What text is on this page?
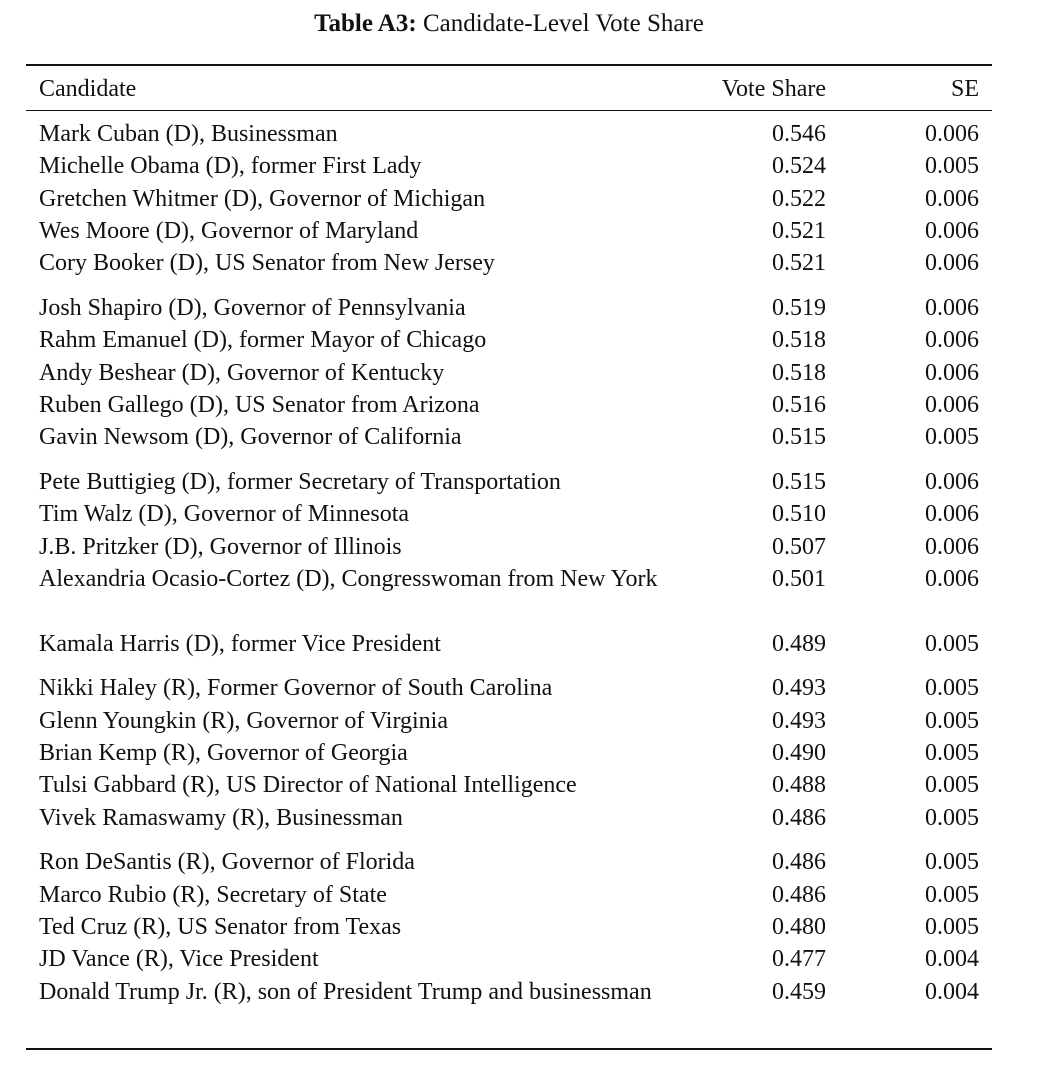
Table A3: Candidate-Level Vote Share
Candidate	Vote Share	SE
Mark Cuban (D), Businessman	0.546	0.006
Michelle Obama (D), former First Lady	0.524	0.005
Gretchen Whitmer (D), Governor of Michigan	0.522	0.006
Wes Moore (D), Governor of Maryland	0.521	0.006
Cory Booker (D), US Senator from New Jersey	0.521	0.006
Josh Shapiro (D), Governor of Pennsylvania	0.519	0.006
Rahm Emanuel (D), former Mayor of Chicago	0.518	0.006
Andy Beshear (D), Governor of Kentucky	0.518	0.006
Ruben Gallego (D), US Senator from Arizona	0.516	0.006
Gavin Newsom (D), Governor of California	0.515	0.005
Pete Buttigieg (D), former Secretary of Transportation	0.515	0.006
Tim Walz (D), Governor of Minnesota	0.510	0.006
J.B. Pritzker (D), Governor of Illinois	0.507	0.006
Alexandria Ocasio-Cortez (D), Congresswoman from New York	0.501	0.006
Kamala Harris (D), former Vice President	0.489	0.005
Nikki Haley (R), Former Governor of South Carolina	0.493	0.005
Glenn Youngkin (R), Governor of Virginia	0.493	0.005
Brian Kemp (R), Governor of Georgia	0.490	0.005
Tulsi Gabbard (R), US Director of National Intelligence	0.488	0.005
Vivek Ramaswamy (R), Businessman	0.486	0.005
Ron DeSantis (R), Governor of Florida	0.486	0.005
Marco Rubio (R), Secretary of State	0.486	0.005
Ted Cruz (R), US Senator from Texas	0.480	0.005
JD Vance (R), Vice President	0.477	0.004
Donald Trump Jr. (R), son of President Trump and businessman	0.459	0.004
